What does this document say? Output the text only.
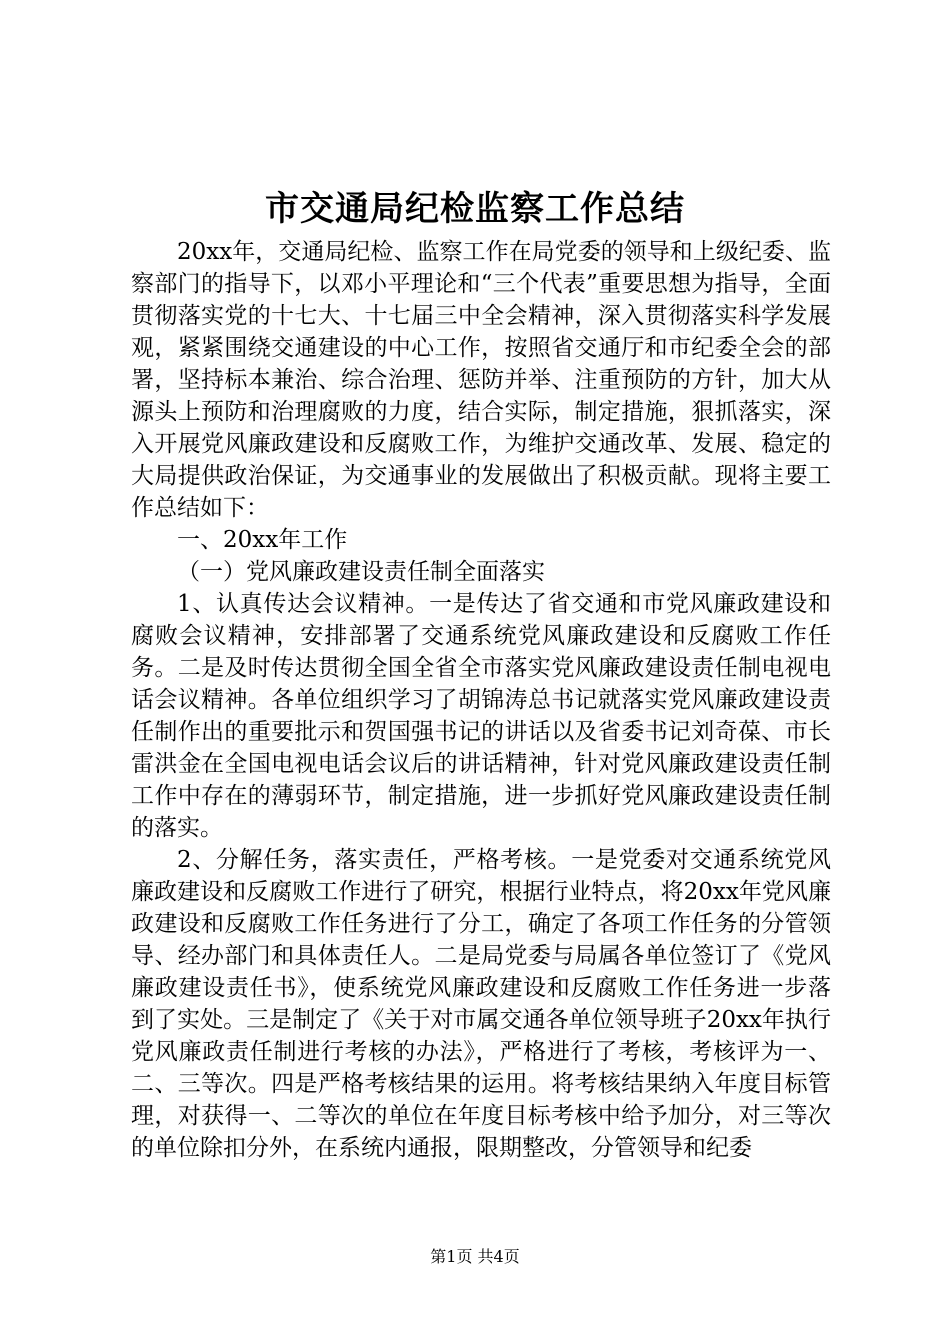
市交通局纪检监察工作总结

20xx年，交通局纪检、监察工作在局党委的领导和上级纪委、监察部门的指导下，以邓小平理论和“三个代表”重要思想为指导，全面贯彻落实党的十七大、十七届三中全会精神，深入贯彻落实科学发展观，紧紧围绕交通建设的中心工作，按照省交通厅和市纪委全会的部署，坚持标本兼治、综合治理、惩防并举、注重预防的方针，加大从源头上预防和治理腐败的力度，结合实际，制定措施，狠抓落实，深入开展党风廉政建设和反腐败工作，为维护交通改革、发展、稳定的大局提供政治保证，为交通事业的发展做出了积极贡献。现将主要工作总结如下：

一、20xx年工作

（一）党风廉政建设责任制全面落实

1、认真传达会议精神。一是传达了省交通和市党风廉政建设和腐败会议精神，安排部署了交通系统党风廉政建设和反腐败工作任务。二是及时传达贯彻全国全省全市落实党风廉政建设责任制电视电话会议精神。各单位组织学习了胡锦涛总书记就落实党风廉政建设责任制作出的重要批示和贺国强书记的讲话以及省委书记刘奇葆、市长雷洪金在全国电视电话会议后的讲话精神，针对党风廉政建设责任制工作中存在的薄弱环节，制定措施，进一步抓好党风廉政建设责任制的落实。

2、分解任务，落实责任，严格考核。一是党委对交通系统党风廉政建设和反腐败工作进行了研究，根据行业特点，将20xx年党风廉政建设和反腐败工作任务进行了分工，确定了各项工作任务的分管领导、经办部门和具体责任人。二是局党委与局属各单位签订了《党风廉政建设责任书》，使系统党风廉政建设和反腐败工作任务进一步落到了实处。三是制定了《关于对市属交通各单位领导班子20xx年执行党风廉政责任制进行考核的办法》，严格进行了考核，考核评为一、二、三等次。四是严格考核结果的运用。将考核结果纳入年度目标管理，对获得一、二等次的单位在年度目标考核中给予加分，对三等次的单位除扣分外，在系统内通报，限期整改，分管领导和纪委

第1页 共4页
